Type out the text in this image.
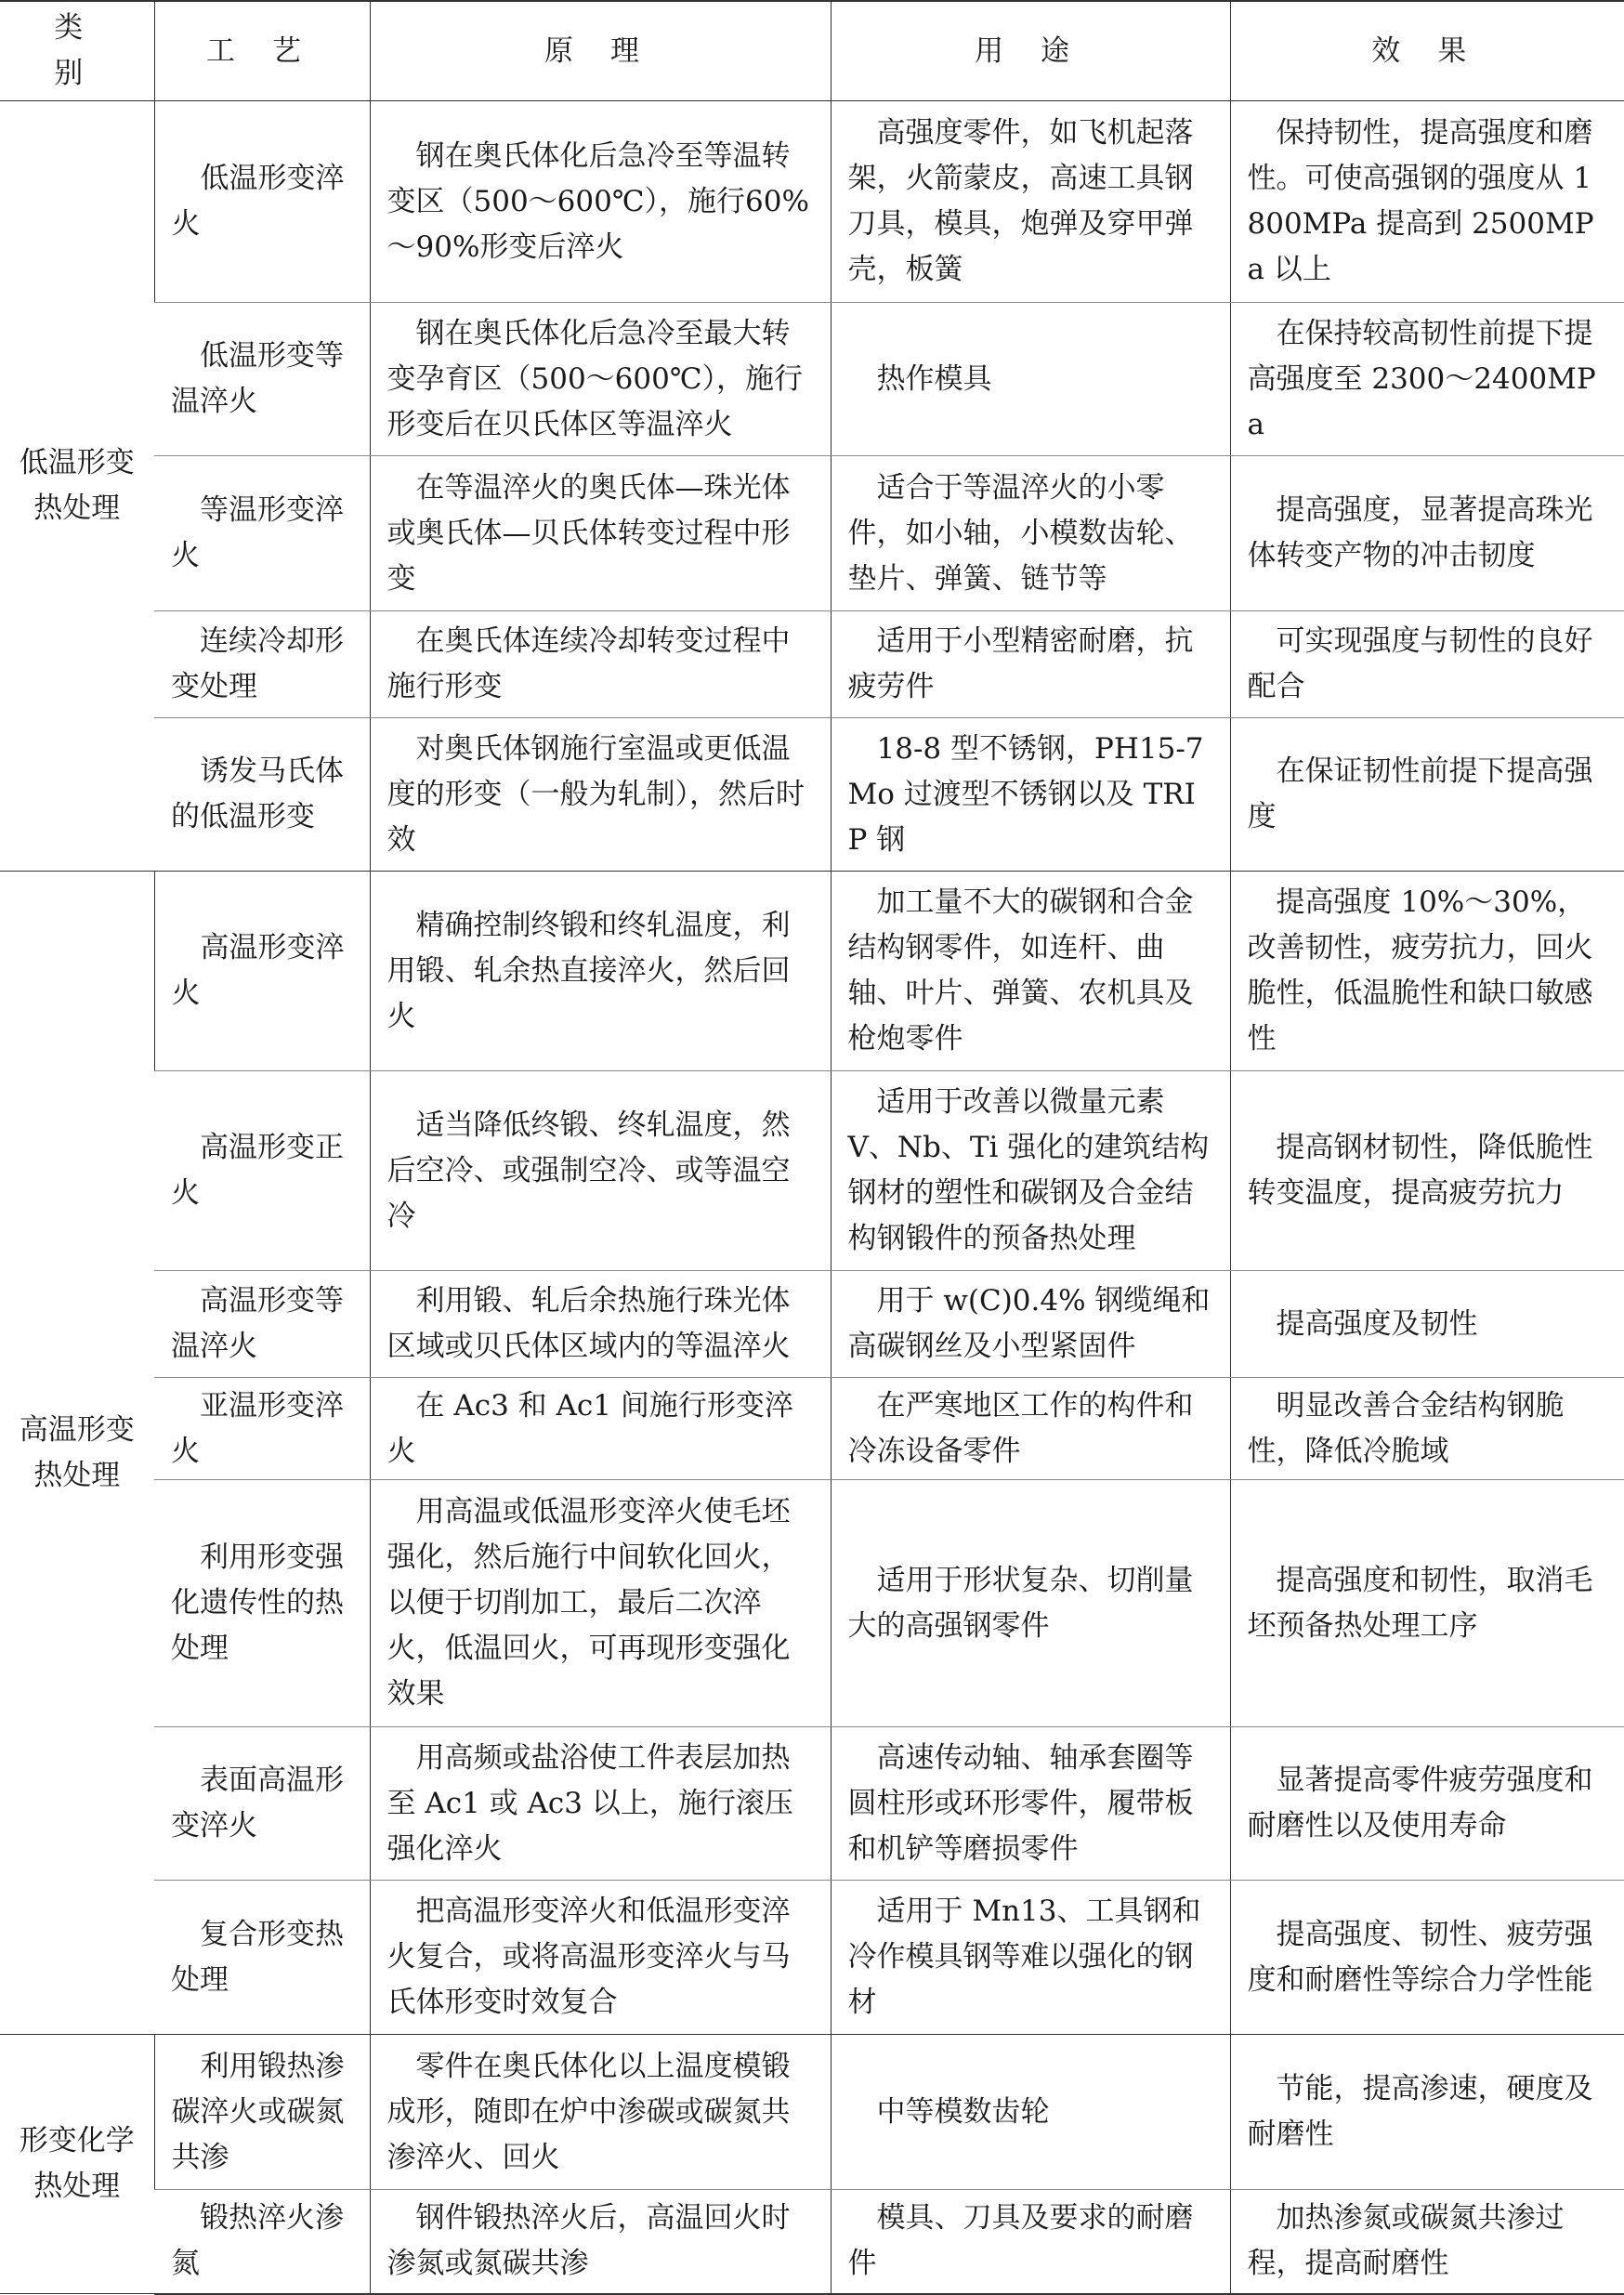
类别	工艺	原理	用途	效果
低温形变热处理	低温形变淬火	钢在奥氏体化后急冷至等温转变区（500～600℃），施行60%～90%形变后淬火	高强度零件，如飞机起落架，火箭蒙皮，高速工具钢刀具，模具，炮弹及穿甲弹壳，板簧	保持韧性，提高强度和磨性。可使高强钢的强度从 1800MPa 提高到 2500MPa 以上
	低温形变等温淬火	钢在奥氏体化后急冷至最大转变孕育区（500～600℃），施行形变后在贝氏体区等温淬火	热作模具	在保持较高韧性前提下提高强度至 2300～2400MPa
	等温形变淬火	在等温淬火的奥氏体—珠光体或奥氏体—贝氏体转变过程中形变	适合于等温淬火的小零件，如小轴，小模数齿轮、垫片、弹簧、链节等	提高强度，显著提高珠光体转变产物的冲击韧度
	连续冷却形变处理	在奥氏体连续冷却转变过程中施行形变	适用于小型精密耐磨，抗疲劳件	可实现强度与韧性的良好配合
	诱发马氏体的低温形变	对奥氏体钢施行室温或更低温度的形变（一般为轧制），然后时效	18-8 型不锈钢，PH15-7Mo 过渡型不锈钢以及 TRIP 钢	在保证韧性前提下提高强度
高温形变热处理	高温形变淬火	精确控制终锻和终轧温度，利用锻、轧余热直接淬火，然后回火	加工量不大的碳钢和合金结构钢零件，如连杆、曲轴、叶片、弹簧、农机具及枪炮零件	提高强度 10%～30%，改善韧性，疲劳抗力，回火脆性，低温脆性和缺口敏感性
	高温形变正火	适当降低终锻、终轧温度，然后空冷、或强制空冷、或等温空冷	适用于改善以微量元素 V、Nb、Ti 强化的建筑结构钢材的塑性和碳钢及合金结构钢锻件的预备热处理	提高钢材韧性，降低脆性转变温度，提高疲劳抗力
	高温形变等温淬火	利用锻、轧后余热施行珠光体区域或贝氏体区域内的等温淬火	用于 w(C)0.4% 钢缆绳和高碳钢丝及小型紧固件	提高强度及韧性
	亚温形变淬火	在 Ac3 和 Ac1 间施行形变淬火	在严寒地区工作的构件和冷冻设备零件	明显改善合金结构钢脆性，降低冷脆域
	利用形变强化遗传性的热处理	用高温或低温形变淬火使毛坯强化，然后施行中间软化回火，以便于切削加工，最后二次淬火，低温回火，可再现形变强化效果	适用于形状复杂、切削量大的高强钢零件	提高强度和韧性，取消毛坯预备热处理工序
	表面高温形变淬火	用高频或盐浴使工件表层加热至 Ac1 或 Ac3 以上，施行滚压强化淬火	高速传动轴、轴承套圈等圆柱形或环形零件，履带板和机铲等磨损零件	显著提高零件疲劳强度和耐磨性以及使用寿命
	复合形变热处理	把高温形变淬火和低温形变淬火复合，或将高温形变淬火与马氏体形变时效复合	适用于 Mn13、工具钢和冷作模具钢等难以强化的钢材	提高强度、韧性、疲劳强度和耐磨性等综合力学性能
形变化学热处理	利用锻热渗碳淬火或碳氮共渗	零件在奥氏体化以上温度模锻成形，随即在炉中渗碳或碳氮共渗淬火、回火	中等模数齿轮	节能，提高渗速，硬度及耐磨性
	锻热淬火渗氮	钢件锻热淬火后，高温回火时渗氮或氮碳共渗	模具、刀具及要求的耐磨件	加热渗氮或碳氮共渗过程，提高耐磨性
